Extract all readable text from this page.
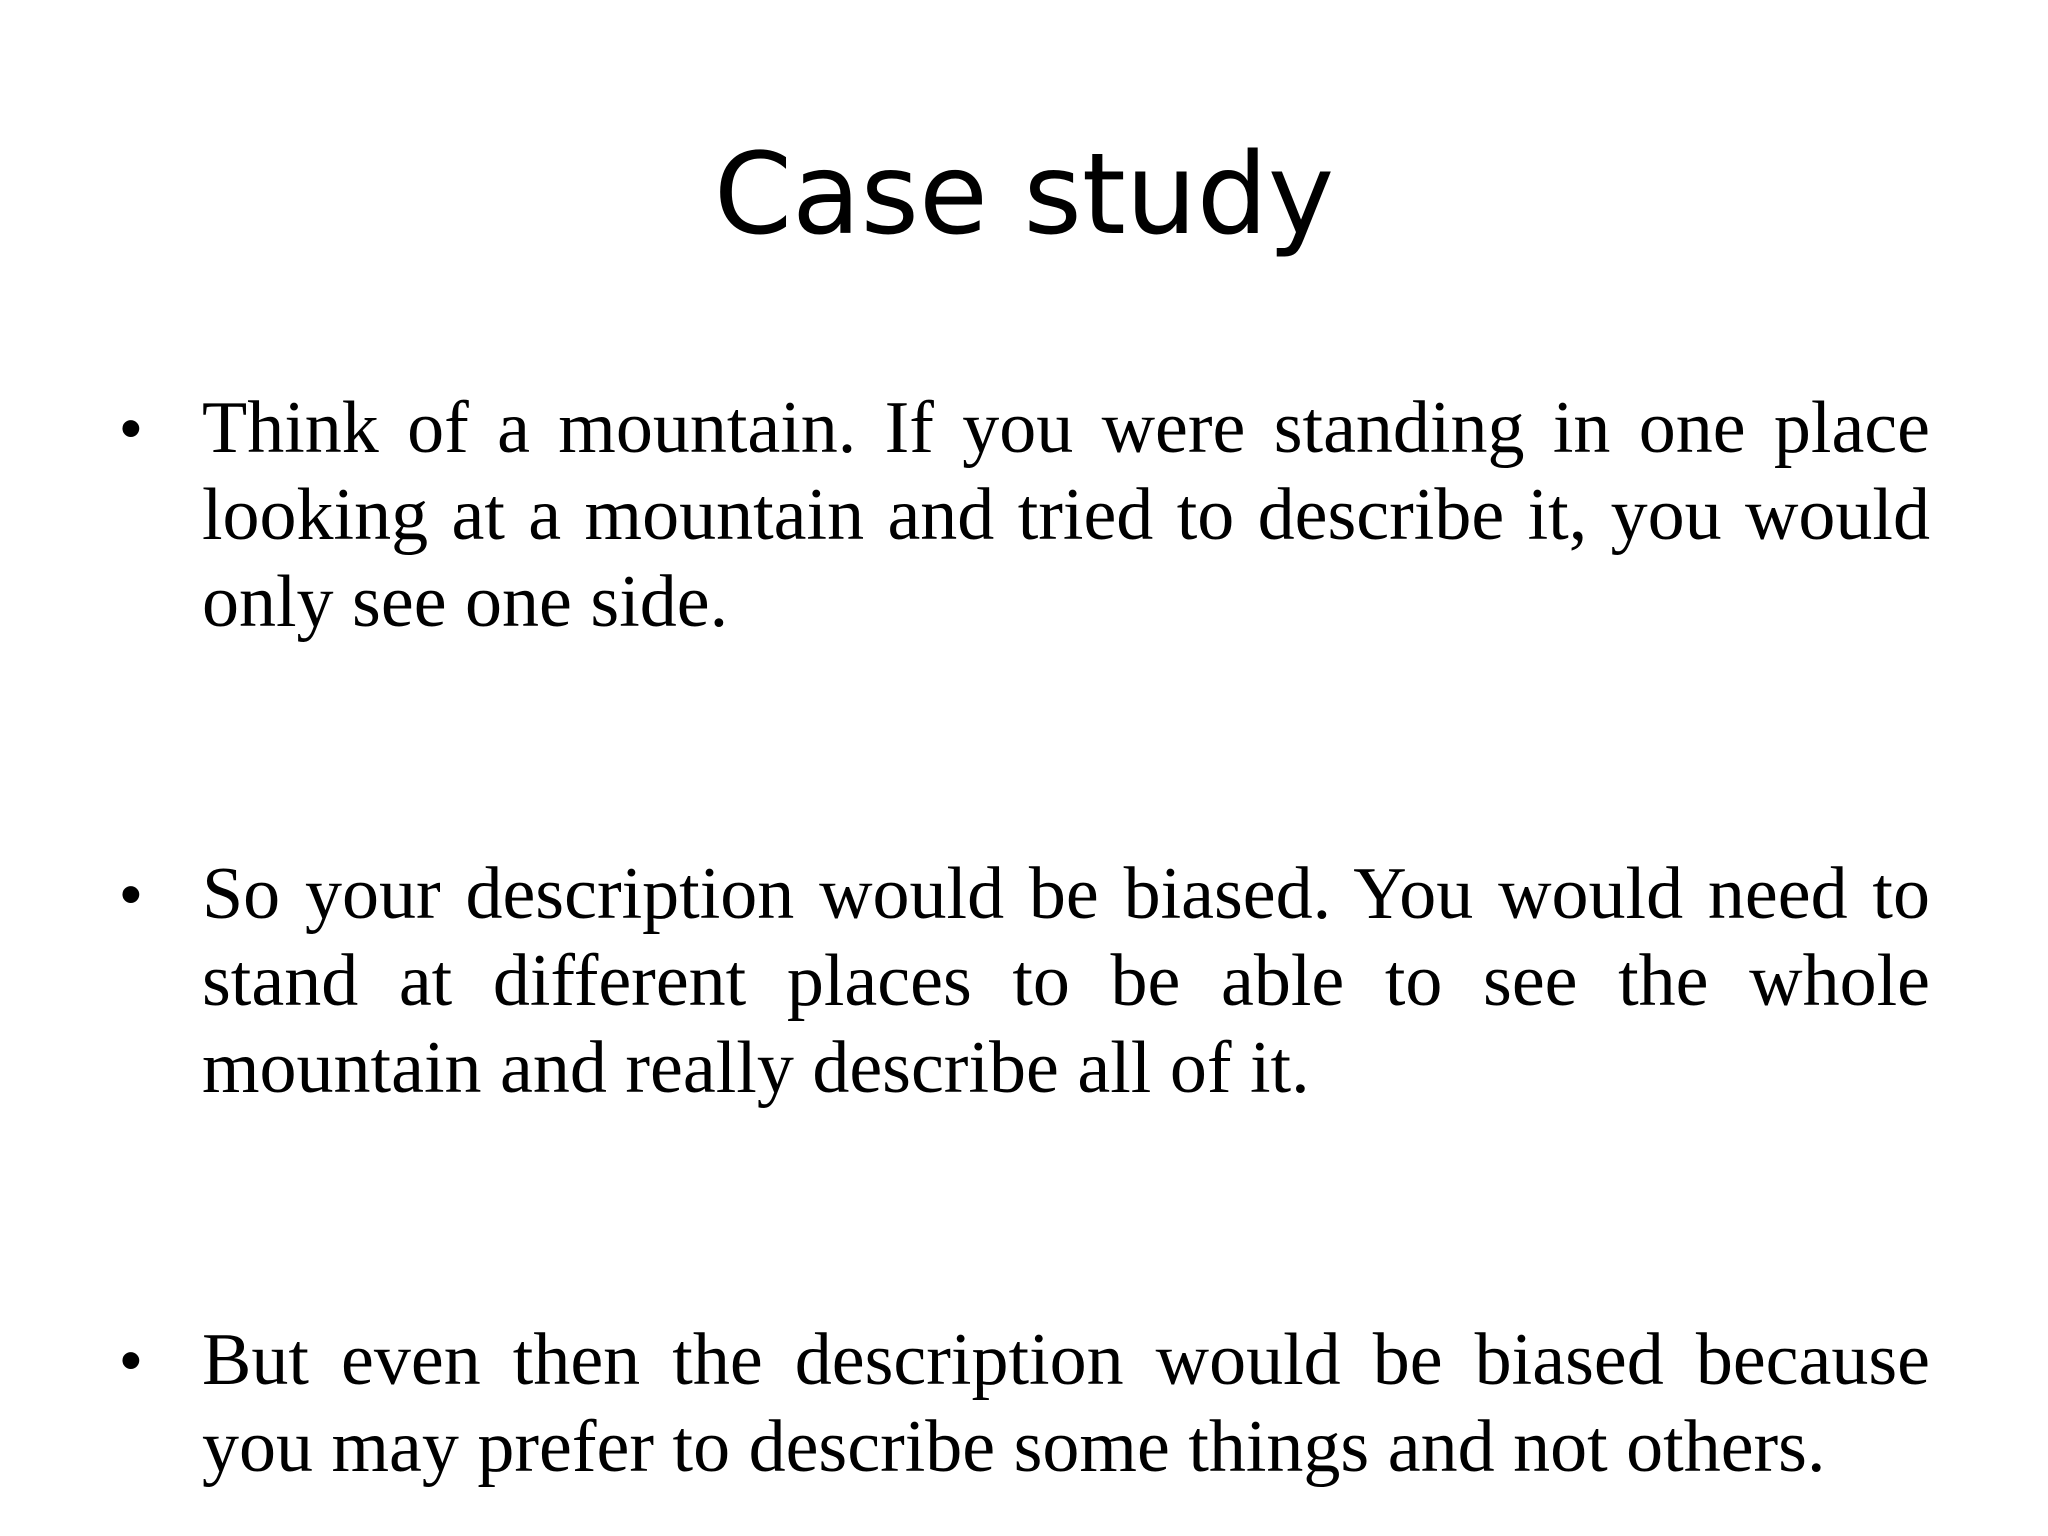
Case study
• Think of a mountain. If you were standing in one place looking at a mountain and tried to describe it, you would only see one side.
• So your description would be biased. You would need to stand at different places to be able to see the whole mountain and really describe all of it.
• But even then the description would be biased because you may prefer to describe some things and not others.
